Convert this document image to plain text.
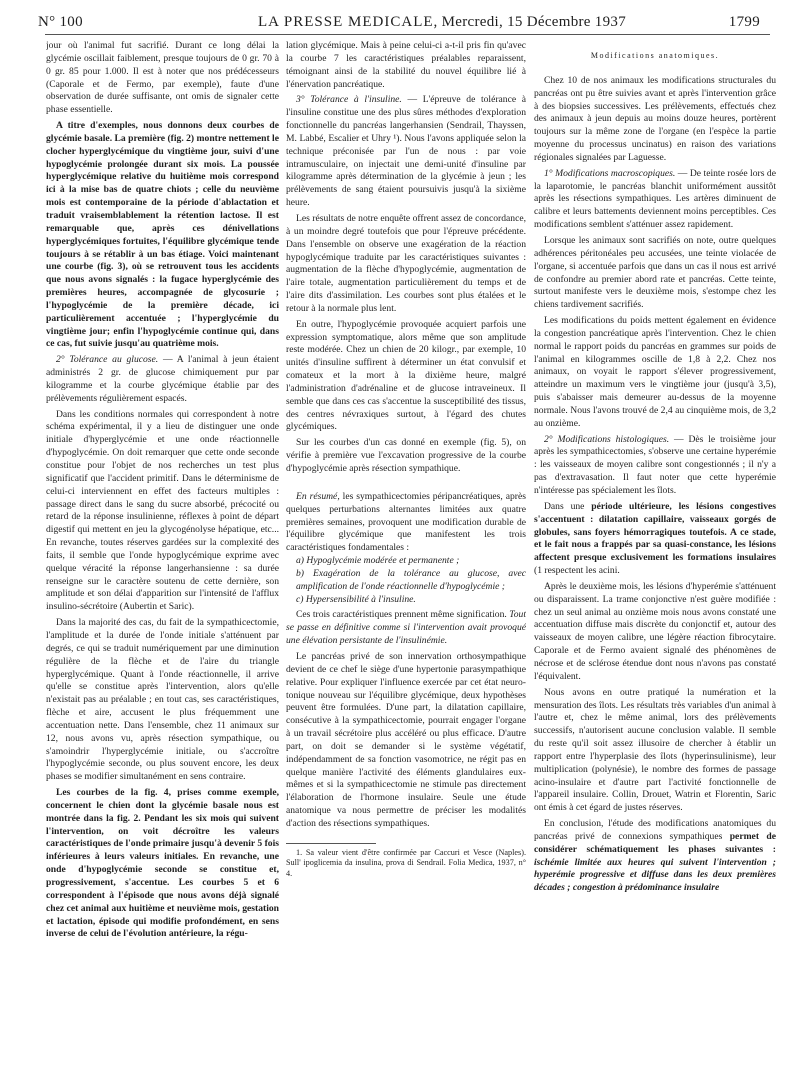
N° 100	LA PRESSE MEDICALE, Mercredi, 15 Décembre 1937	1799

jour où l'animal fut sacrifié. Durant ce long délai la glycémie oscillait faiblement, presque toujours de 0 gr. 70 à 0 gr. 85 pour 1.000. Il est à noter que nos prédécesseurs (Caporale et de Fermo, par exemple), faute d'une observation de durée suffisante, ont omis de signaler cette phase essentielle.

A titre d'exemples, nous donnons deux courbes de glycémie basale. La première (fig. 2) montre nettement le clocher hyperglycémique du vingtième jour, suivi d'une hypoglycémie prolongée durant six mois. La poussée hyperglycémique relative du huitième mois correspond ici à la mise bas de quatre chiots ; celle du neuvième mois est contemporaine de la période d'ablactation et traduit vraisemblablement la rétention lactose. Il est remarquable que, après ces dénivellations hyperglycémiques fortuites, l'équilibre glycémique tende toujours à se rétablir à un bas étiage. Voici maintenant une courbe (fig. 3), où se retrouvent tous les accidents que nous avons signalés : la fugace hyperglycémie des premières heures, accompagnée de glycosurie ; l'hypoglycémie de la première décade, ici particulièrement accentuée ; l'hyperglycémie du vingtième jour; enfin l'hypoglycémie continue qui, dans ce cas, fut suivie jusqu'au quatrième mois.

2° Tolérance au glucose. — A l'animal à jeun étaient administrés 2 gr. de glucose chimiquement pur par kilogramme et la courbe glycémique établie par des prélèvements régulièrement espacés.

Dans les conditions normales qui correspondent à notre schéma expérimental, il y a lieu de distinguer une onde initiale d'hyperglycémie et une onde réactionnelle d'hypoglycémie. On doit remarquer que cette onde seconde constitue pour l'objet de nos recherches un test plus significatif que l'accident primitif. Dans le déterminisme de celui-ci interviennent en effet des facteurs multiples : passage direct dans le sang du sucre absorbé, précocité ou retard de la réponse insulinienne, réflexes à point de départ digestif qui mettent en jeu la glycogénolyse hépatique, etc... En revanche, toutes réserves gardées sur la complexité des faits, il semble que l'onde hypoglycémique exprime avec quelque véracité la réponse langerhansienne : sa durée renseigne sur le caractère soutenu de cette dernière, son amplitude et son délai d'apparition sur l'intensité de l'afflux insulino-sécrétoire (Aubertin et Saric).

Dans la majorité des cas, du fait de la sympathicectomie, l'amplitude et la durée de l'onde initiale s'atténuent par degrés, ce qui se traduit numériquement par une diminution régulière de la flèche et de l'aire du triangle hyperglycémique. Quant à l'onde réactionnelle, il arrive qu'elle se constitue après l'intervention, alors qu'elle n'existait pas au préalable ; en tout cas, ses caractéristiques, flèche et aire, accusent le plus fréquemment une accentuation nette. Dans l'ensemble, chez 11 animaux sur 12, nous avons vu, après résection sympathique, ou s'amoindrir l'hyperglycémie initiale, ou s'accroître l'hypoglycémie seconde, ou plus souvent encore, les deux phases se modifier simultanément en sens contraire.

Les courbes de la fig. 4, prises comme exemple, concernent le chien dont la glycémie basale nous est montrée dans la fig. 2. Pendant les six mois qui suivent l'intervention, on voit décroître les valeurs caractéristiques de l'onde primaire jusqu'à devenir 5 fois inférieures à leurs valeurs initiales. En revanche, une onde d'hypoglycémie seconde se constitue et, progressivement, s'accentue. Les courbes 5 et 6 correspondent à l'épisode que nous avons déjà signalé chez cet animal aux huitième et neuvième mois, gestation et lactation, épisode qui modifie profondément, en sens inverse de celui de l'évolution antérieure, la régu-

lation glycémique. Mais à peine celui-ci a-t-il pris fin qu'avec la courbe 7 les caractéristiques préalables reparaissent, témoignant ainsi de la stabilité du nouvel équilibre lié à l'énervation pancréatique.

3° Tolérance à l'insuline. — L'épreuve de tolérance à l'insuline constitue une des plus sûres méthodes d'exploration fonctionnelle du pancréas langerhansien (Sendrail, Thayssen, M. Labbé, Escalier et Uhry ¹). Nous l'avons appliquée selon la technique préconisée par l'un de nous : par voie intramusculaire, on injectait une demi-unité d'insuline par kilogramme après détermination de la glycémie à jeun ; les prélèvements de sang étaient poursuivis jusqu'à la sixième heure.

Les résultats de notre enquête offrent assez de concordance, à un moindre degré toutefois que pour l'épreuve précédente. Dans l'ensemble on observe une exagération de la réaction hypoglycémique traduite par les caractéristiques suivantes : augmentation de la flèche d'hypoglycémie, augmentation de l'aire totale, augmentation particulièrement du temps et de l'aire dits d'assimilation. Les courbes sont plus étalées et le retour à la normale plus lent.

En outre, l'hypoglycémie provoquée acquiert parfois une expression symptomatique, alors même que son amplitude reste modérée. Chez un chien de 20 kilogr., par exemple, 10 unités d'insuline suffirent à déterminer un état convulsif et comateux et la mort à la dixième heure, malgré l'administration d'adrénaline et de glucose intraveineux. Il semble que dans ces cas s'accentue la susceptibilité des tissus, des centres névraxiques surtout, à l'égard des chutes glycémiques.

Sur les courbes d'un cas donné en exemple (fig. 5), on vérifie à première vue l'excavation progressive de la courbe d'hypoglycémie après résection sympathique.

En résumé, les sympathicectomies péripancréatiques, après quelques perturbations alternantes limitées aux quatre premières semaines, provoquent une modification durable de l'équilibre glycémique que manifestent les trois caractéristiques fondamentales :

a) Hypoglycémie modérée et permanente ;

b) Exagération de la tolérance au glucose, avec amplification de l'onde réactionnelle d'hypoglycémie ;

c) Hypersensibilité à l'insuline.

Ces trois caractéristiques prennent même signification. Tout se passe en définitive comme si l'intervention avait provoqué une élévation persistante de l'insulinémie.

Le pancréas privé de son innervation orthosympathique devient de ce chef le siège d'une hypertonie parasympathique relative. Pour expliquer l'influence exercée par cet état neuro-tonique nouveau sur l'équilibre glycémique, deux hypothèses peuvent être formulées. D'une part, la dilatation capillaire, consécutive à la sympathicectomie, pourrait engager l'organe à un travail sécrétoire plus accéléré ou plus efficace. D'autre part, on doit se demander si le système végétatif, indépendamment de sa fonction vasomotrice, ne régit pas en quelque manière l'activité des éléments glandulaires eux-mêmes et si la sympathicectomie ne stimule pas directement l'élaboration de l'hormone insulaire. Seule une étude anatomique va nous permettre de préciser les modalités d'action des résections sympathiques.

1. Sa valeur vient d'être confirmée par Caccuri et Vesce (Naples). Sull' ipoglicemia da insulina, prova di Sendrail. Folia Medica, 1937, n° 4.

Modifications anatomiques.

Chez 10 de nos animaux les modifications structurales du pancréas ont pu être suivies avant et après l'intervention grâce à des biopsies successives. Les prélèvements, effectués chez des animaux à jeun depuis au moins douze heures, portèrent toujours sur la même zone de l'organe (en l'espèce la partie moyenne du processus uncinatus) en raison des variations régionales signalées par Laguesse.

1° Modifications macroscopiques. — De teinte rosée lors de la laparotomie, le pancréas blanchit uniformément aussitôt après les résections sympathiques. Les artères diminuent de calibre et leurs battements deviennent moins perceptibles. Ces modifications semblent s'atténuer assez rapidement.

Lorsque les animaux sont sacrifiés on note, outre quelques adhérences péritonéales peu accusées, une teinte violacée de l'organe, si accentuée parfois que dans un cas il nous est arrivé de confondre au premier abord rate et pancréas. Cette teinte, surtout manifeste vers le deuxième mois, s'estompe chez les chiens tardivement sacrifiés.

Les modifications du poids mettent également en évidence la congestion pancréatique après l'intervention. Chez le chien normal le rapport poids du pancréas en grammes sur poids de l'animal en kilogrammes oscille de 1,8 à 2,2. Chez nos animaux, on voyait le rapport s'élever progressivement, atteindre un maximum vers le vingtième jour (jusqu'à 3,5), puis s'abaisser mais demeurer au-dessus de la moyenne normale. Nous l'avons trouvé de 2,4 au cinquième mois, de 3,2 au onzième.

2° Modifications histologiques. — Dès le troisième jour après les sympathicectomies, s'observe une certaine hyperémie : les vaisseaux de moyen calibre sont congestionnés ; il n'y a pas d'extravasation. Il faut noter que cette hyperémie n'intéresse pas spécialement les îlots.

Dans une période ultérieure, les lésions congestives s'accentuent : dilatation capillaire, vaisseaux gorgés de globules, sans foyers hémorragiques toutefois. A ce stade, et le fait nous a frappés par sa quasi-constance, les lésions affectent presque exclusivement les formations insulaires (1 respectent les acini.

Après le deuxième mois, les lésions d'hyperémie s'atténuent ou disparaissent. La trame conjonctive n'est guère modifiée : chez un seul animal au onzième mois nous avons constaté une accentuation diffuse mais discrète du conjonctif et, autour des vaisseaux de moyen calibre, une légère réaction fibrocytaire. Caporale et de Fermo avaient signalé des phénomènes de nécrose et de sclérose étendue dont nous n'avons pas constaté l'équivalent.

Nous avons en outre pratiqué la numération et la mensuration des îlots. Les résultats très variables d'un animal à l'autre et, chez le même animal, lors des prélèvements successifs, n'autorisent aucune conclusion valable. Il semble du reste qu'il soit assez illusoire de chercher à établir un rapport entre l'hyperplasie des îlots (hyperinsulinisme), leur multiplication (polynésie), le nombre des formes de passage acino-insulaire et d'autre part l'activité fonctionnelle de l'appareil insulaire. Collin, Drouet, Watrin et Florentin, Saric ont émis à cet égard de justes réserves.

En conclusion, l'étude des modifications anatomiques du pancréas privé de connexions sympathiques permet de considérer schématiquement les phases suivantes : ischémie limitée aux heures qui suivent l'intervention ; hyperémie progressive et diffuse dans les deux premières décades ; congestion à prédominance insulaire
